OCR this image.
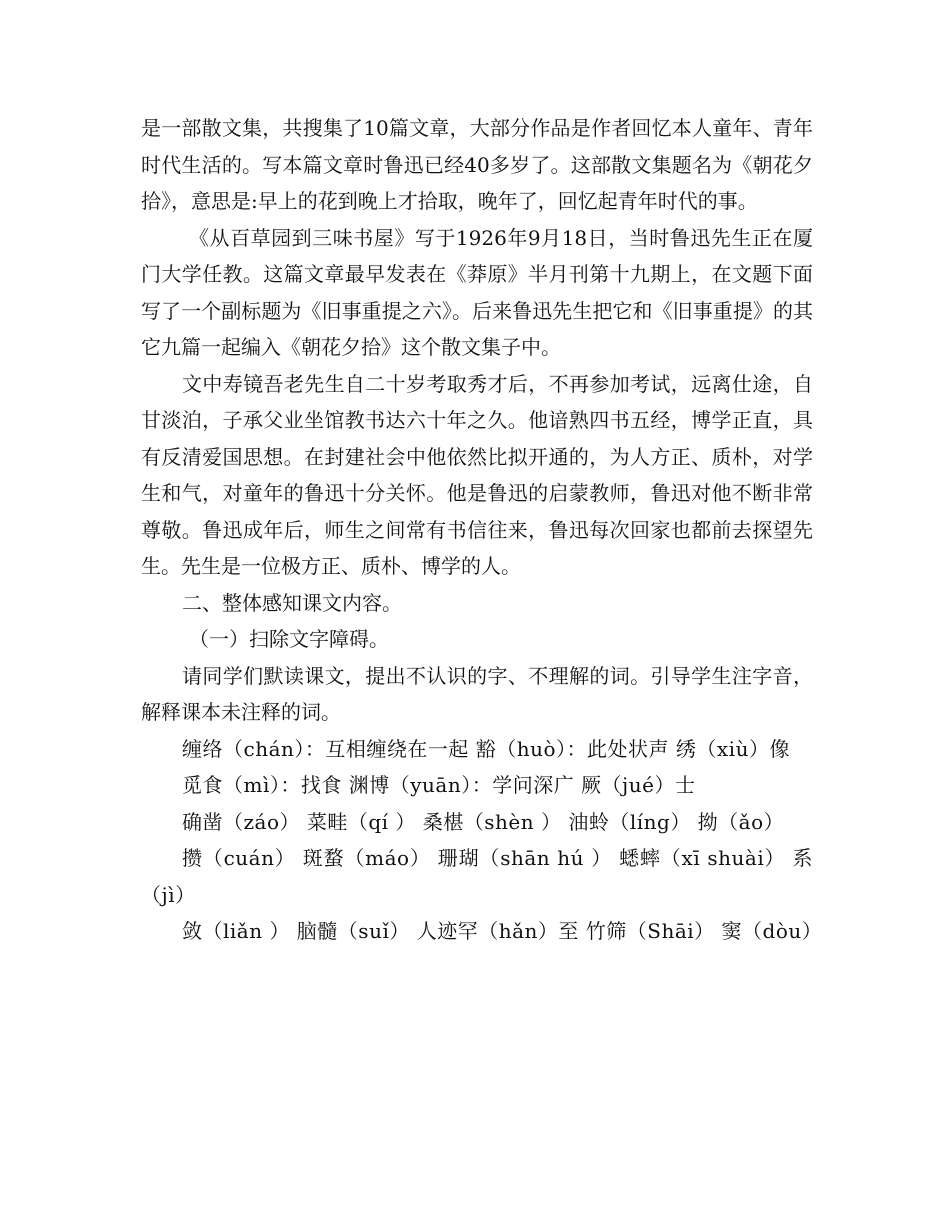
是一部散文集，共搜集了10篇文章，大部分作品是作者回忆本人童年、青年时代生活的。写本篇文章时鲁迅已经40多岁了。这部散文集题名为《朝花夕拾》，意思是:早上的花到晚上才拾取，晚年了，回忆起青年时代的事。

《从百草园到三味书屋》写于1926年9月18日，当时鲁迅先生正在厦门大学任教。这篇文章最早发表在《莽原》半月刊第十九期上，在文题下面写了一个副标题为《旧事重提之六》。后来鲁迅先生把它和《旧事重提》的其它九篇一起编入《朝花夕拾》这个散文集子中。

文中寿镜吾老先生自二十岁考取秀才后，不再参加考试，远离仕途，自甘淡泊，子承父业坐馆教书达六十年之久。他谙熟四书五经，博学正直，具有反清爱国思想。在封建社会中他依然比拟开通的，为人方正、质朴，对学生和气，对童年的鲁迅十分关怀。他是鲁迅的启蒙教师，鲁迅对他不断非常尊敬。鲁迅成年后，师生之间常有书信往来，鲁迅每次回家也都前去探望先生。先生是一位极方正、质朴、博学的人。

二、整体感知课文内容。

（一）扫除文字障碍。

请同学们默读课文，提出不认识的字、不理解的词。引导学生注字音，解释课本未注释的词。

缠络（chán）：互相缠绕在一起 豁（huò）：此处状声 绣（xiù）像

觅食（mì）：找食 渊博（yuān）：学问深广 厥（jué）士

确凿（záo） 菜畦（qí ） 桑椹（shèn ） 油蛉（líng） 拗（ǎo）

攒（cuán） 斑蝥（máo） 珊瑚（shān hú ） 蟋蟀（xī shuài） 系（jì）

敛（liǎn ） 脑髓（suǐ） 人迹罕（hǎn）至 竹筛（Shāi） 窦（dòu）
